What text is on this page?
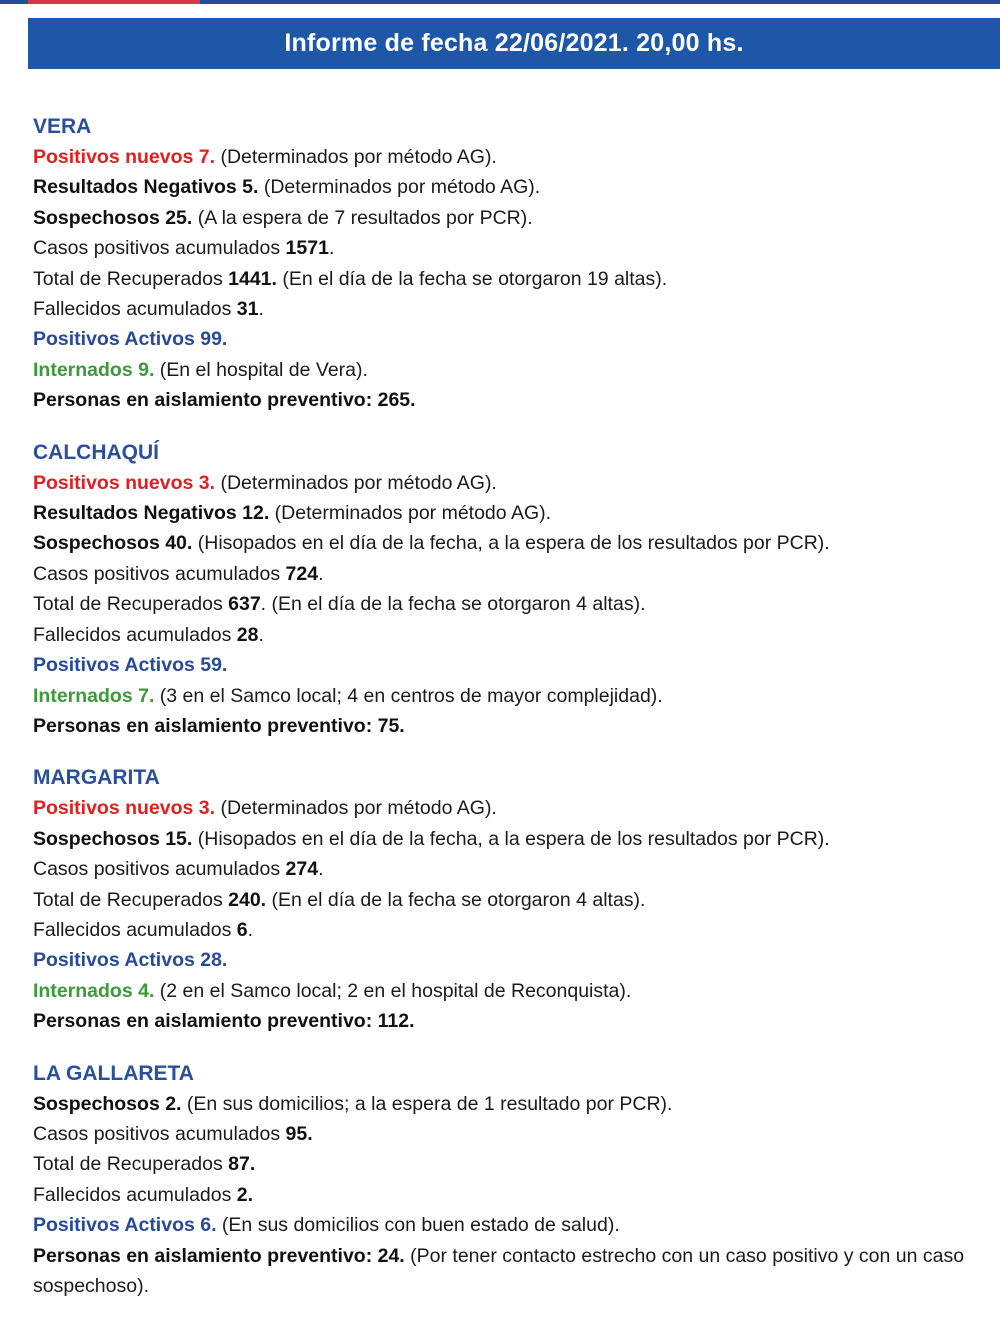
Informe de fecha 22/06/2021. 20,00 hs.
VERA
Positivos nuevos 7. (Determinados por método AG).
Resultados Negativos 5. (Determinados por método AG).
Sospechosos 25. (A la espera de 7 resultados por PCR).
Casos positivos acumulados 1571.
Total de Recuperados 1441. (En el día de la fecha se otorgaron 19 altas).
Fallecidos acumulados 31.
Positivos Activos 99.
Internados 9. (En el hospital de Vera).
Personas en aislamiento preventivo: 265.
CALCHAQUÍ
Positivos nuevos 3. (Determinados por método AG).
Resultados Negativos 12. (Determinados por método AG).
Sospechosos 40. (Hisopados en el día de la fecha, a la espera de los resultados por PCR).
Casos positivos acumulados 724.
Total de Recuperados 637. (En el día de la fecha se otorgaron 4 altas).
Fallecidos acumulados 28.
Positivos Activos 59.
Internados 7. (3 en el Samco local; 4 en centros de mayor complejidad).
Personas en aislamiento preventivo: 75.
MARGARITA
Positivos nuevos 3. (Determinados por método AG).
Sospechosos 15. (Hisopados en el día de la fecha, a la espera de los resultados por PCR).
Casos positivos acumulados 274.
Total de Recuperados 240. (En el día de la fecha se otorgaron 4 altas).
Fallecidos acumulados 6.
Positivos Activos 28.
Internados 4. (2 en el Samco local; 2 en el hospital de Reconquista).
Personas en aislamiento preventivo: 112.
LA GALLARETA
Sospechosos 2. (En sus domicilios; a la espera de 1 resultado por PCR).
Casos positivos acumulados 95.
Total de Recuperados 87.
Fallecidos acumulados 2.
Positivos Activos 6. (En sus domicilios con buen estado de salud).
Personas en aislamiento preventivo: 24. (Por tener contacto estrecho con un caso positivo y con un caso sospechoso).
